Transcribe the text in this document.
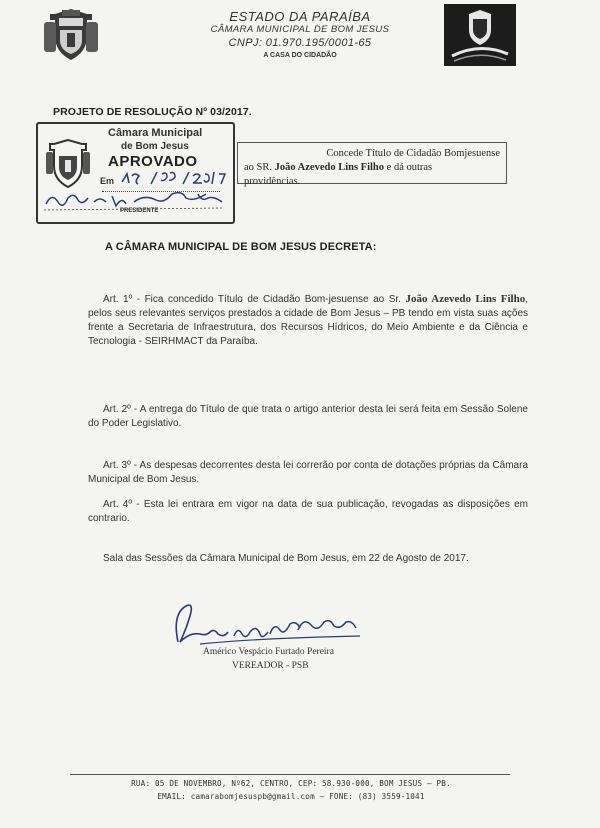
ESTADO DA PARAÍBA
CÂMARA MUNICIPAL DE BOM JESUS
CNPJ: 01.970.195/0001-65
A CASA DO CIDADÃO
PROJETO DE RESOLUÇÃO Nº 03/2017.
Câmara Municipal
de Bom Jesus
APROVADO
Em
PRESIDENTE
Concede Título de Cidadão Bomjesuense
ao SR. João Azevedo Lins Filho e dá outras
providências.
A CÂMARA MUNICIPAL DE BOM JESUS DECRETA:
Art. 1º - Fica concedido Título de Cidadão Bom-jesuense ao Sr. João Azevedo Lins Filho, pelos seus relevantes serviços prestados a cidade de Bom Jesus – PB tendo em vista suas ações frente a Secretaria de Infraestrutura, dos Recursos Hídricos, do Meio Ambiente e da Ciência e Tecnologia - SEIRHMACT da Paraíba.
Art. 2º - A entrega do Título de que trata o artigo anterior desta lei será feita em Sessão Solene do Poder Legislativo.
Art. 3º - As despesas decorrentes desta lei correrão por conta de dotações próprias da Câmara Municipal de Bom Jesus.
Art. 4º - Esta lei entrara em vigor na data de sua publicação, revogadas as disposições em contrario.
Sala das Sessões da Câmara Municipal de Bom Jesus, em 22 de Agosto de 2017.
Américo Vespácio Furtado Pereira
VEREADOR - PSB
RUA: 05 DE NOVEMBRO, Nº62, CENTRO, CEP: 58.930-000, BOM JESUS – PB.
EMAIL: camarabomjesuspb@gmail.com – FONE: (83) 3559-1041
